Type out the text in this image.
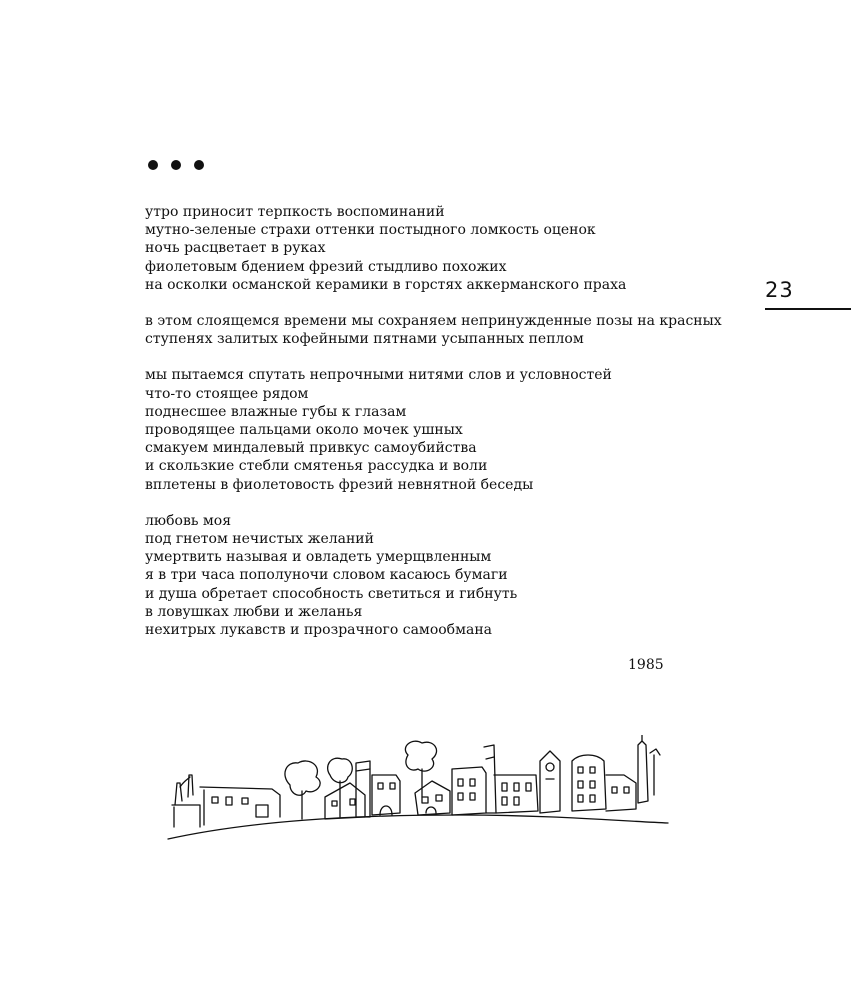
утро приносит терпкость воспоминаний
мутно-зеленые страхи оттенки постыдного ломкость оценок
ночь расцветает в руках
фиолетовым бдением фрезий стыдливо похожих
на осколки османской керамики в горстях аккерманского праха
в этом слоящемся времени мы сохраняем непринужденные позы на красных
ступенях залитых кофейными пятнами усыпанных пеплом
мы пытаемся спутать непрочными нитями слов и условностей
что-то стоящее рядом
поднесшее влажные губы к глазам
проводящее пальцами около мочек ушных
смакуем миндалевый привкус самоубийства
и скользкие стебли смятенья рассудка и воли
вплетены в фиолетовость фрезий невнятной беседы
любовь моя
под гнетом нечистых желаний
умертвить называя и овладеть умерщвленным
я в три часа пополуночи словом касаюсь бумаги
и душа обретает способность светиться и гибнуть
в ловушках любви и желанья
нехитрых лукавств и прозрачного самообмана
1985
23
